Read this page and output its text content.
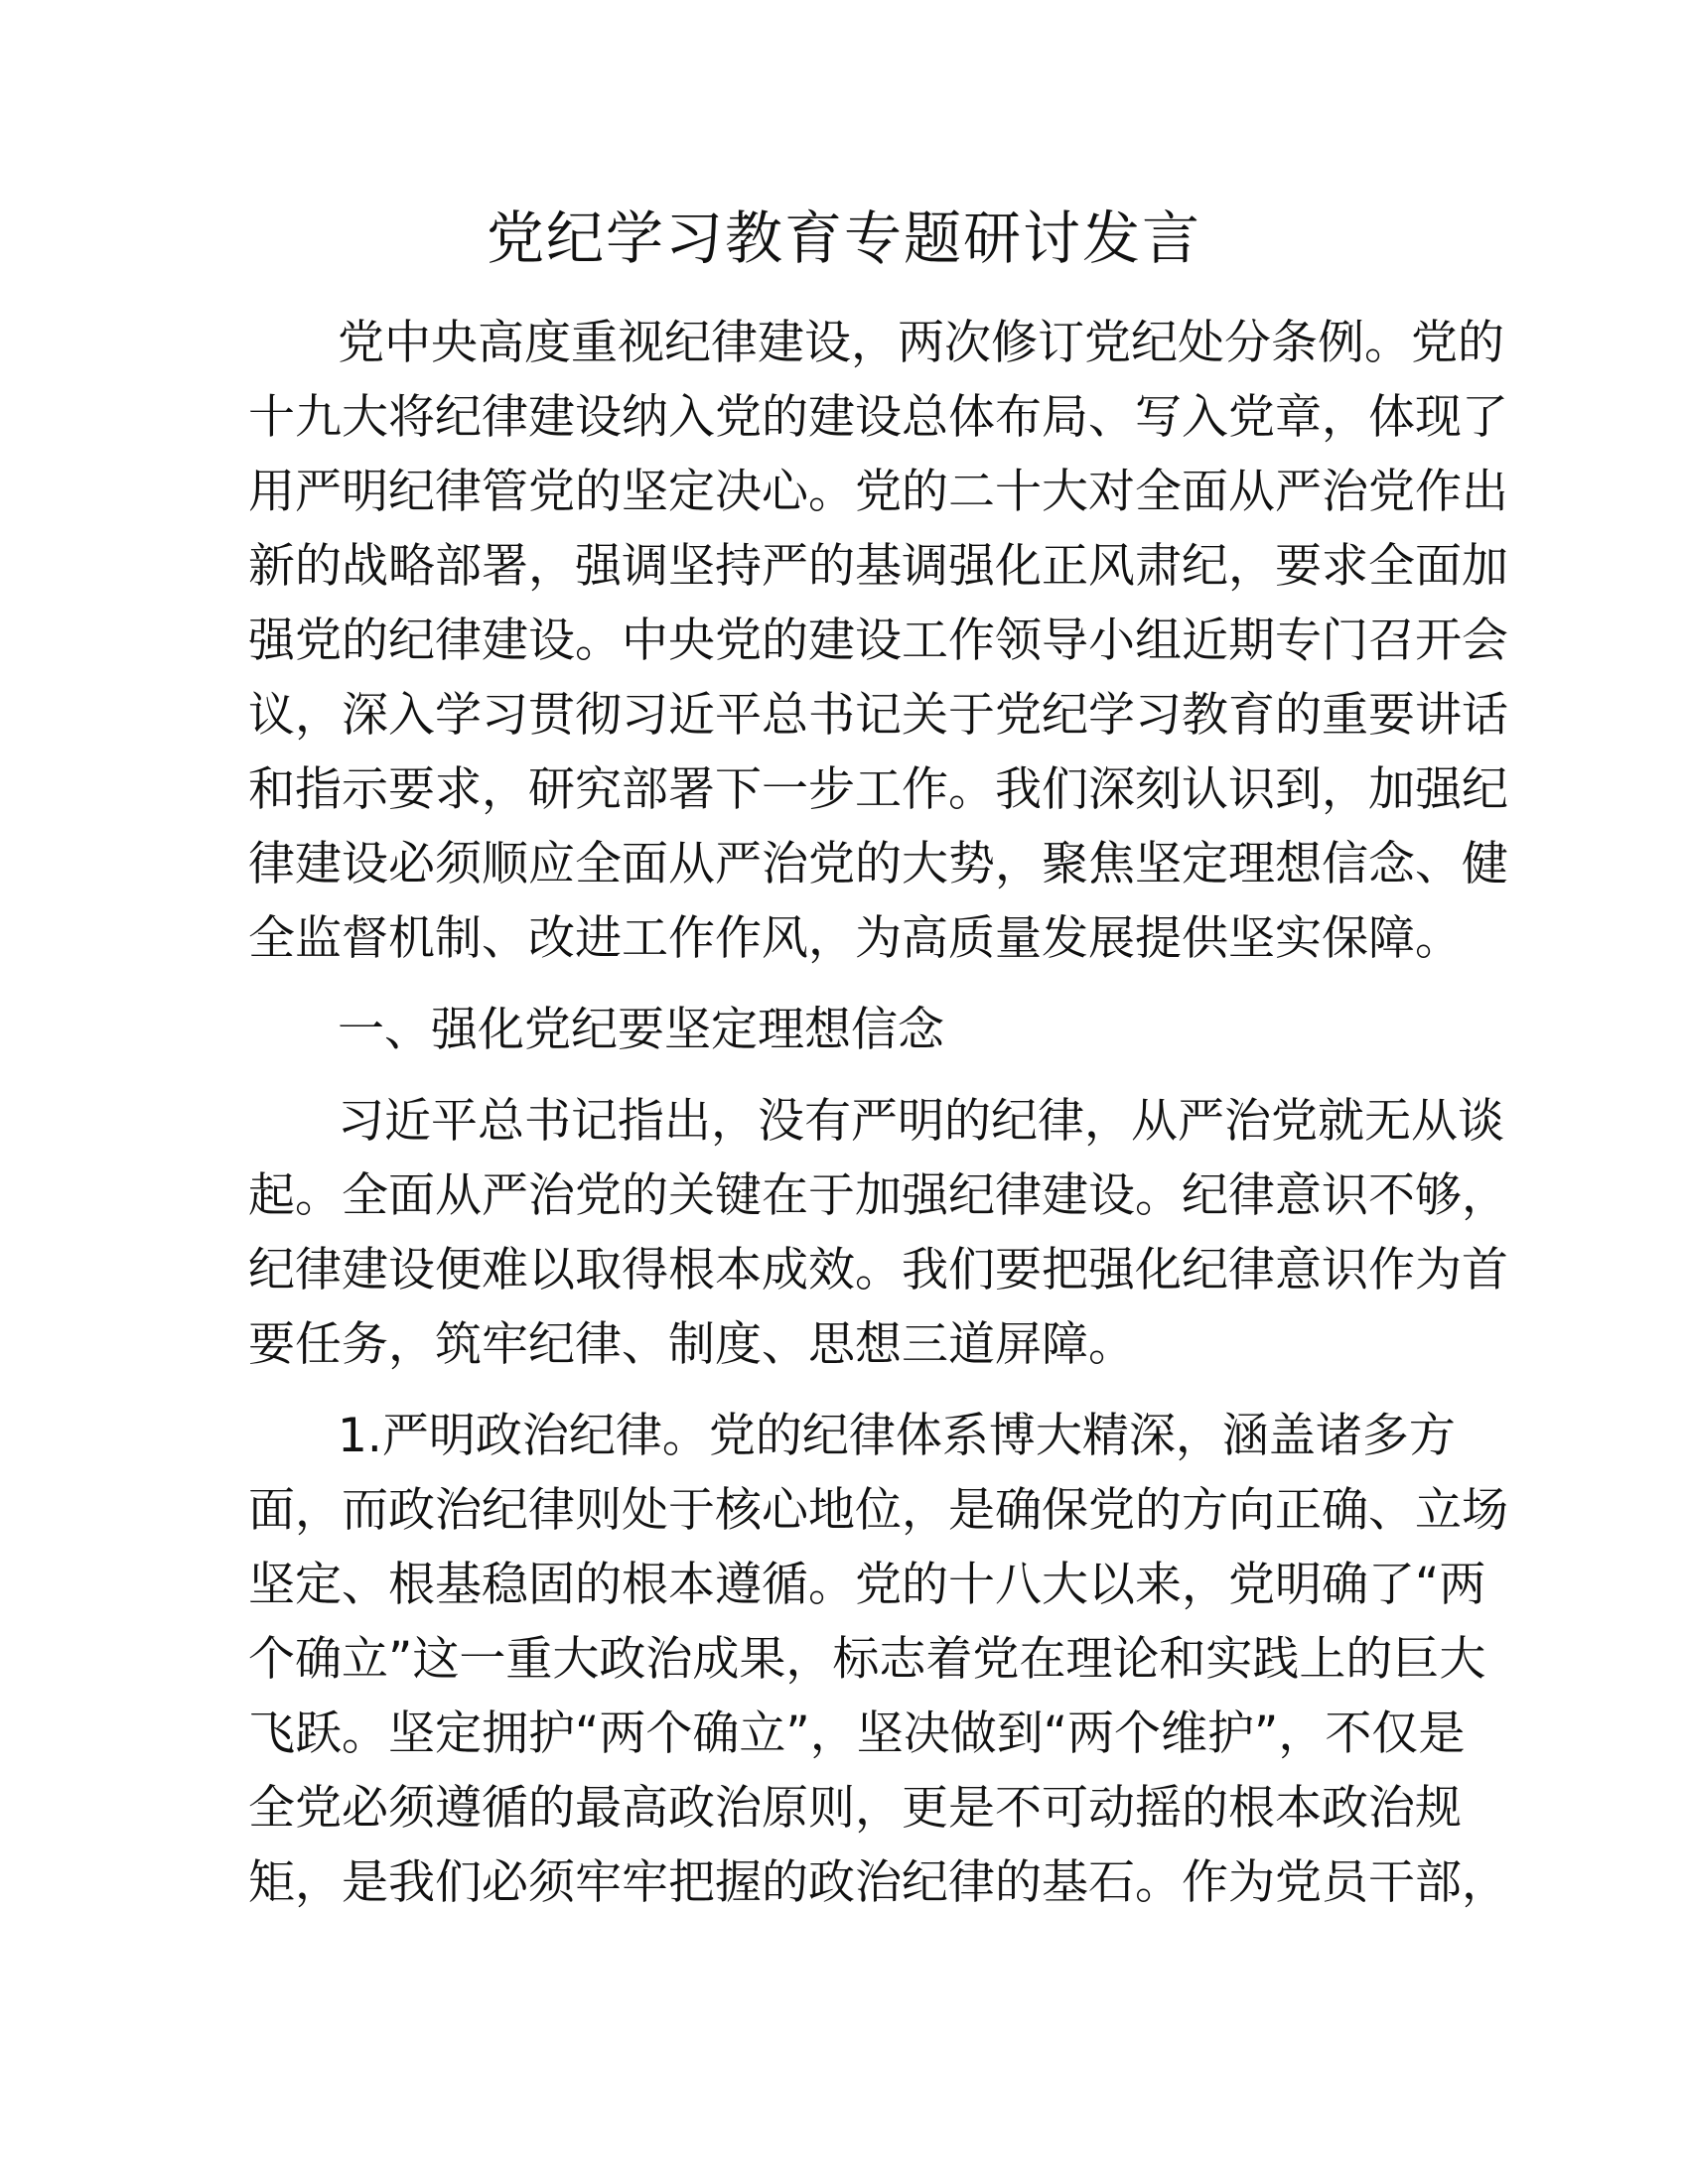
党纪学习教育专题研讨发言

党中央高度重视纪律建设，两次修订党纪处分条例。党的

十九大将纪律建设纳入党的建设总体布局、写入党章，体现了

用严明纪律管党的坚定决心。党的二十大对全面从严治党作出

新的战略部署，强调坚持严的基调强化正风肃纪，要求全面加

强党的纪律建设。中央党的建设工作领导小组近期专门召开会

议，深入学习贯彻习近平总书记关于党纪学习教育的重要讲话

和指示要求，研究部署下一步工作。我们深刻认识到，加强纪

律建设必须顺应全面从严治党的大势，聚焦坚定理想信念、健

全监督机制、改进工作作风，为高质量发展提供坚实保障。

一、强化党纪要坚定理想信念

习近平总书记指出，没有严明的纪律，从严治党就无从谈

起。全面从严治党的关键在于加强纪律建设。纪律意识不够，

纪律建设便难以取得根本成效。我们要把强化纪律意识作为首

要任务，筑牢纪律、制度、思想三道屏障。

1.严明政治纪律。党的纪律体系博大精深，涵盖诸多方

面，而政治纪律则处于核心地位，是确保党的方向正确、立场

坚定、根基稳固的根本遵循。党的十八大以来，党明确了“两

个确立”这一重大政治成果，标志着党在理论和实践上的巨大

飞跃。坚定拥护“两个确立”，坚决做到“两个维护”，不仅是

全党必须遵循的最高政治原则，更是不可动摇的根本政治规

矩，是我们必须牢牢把握的政治纪律的基石。作为党员干部，
